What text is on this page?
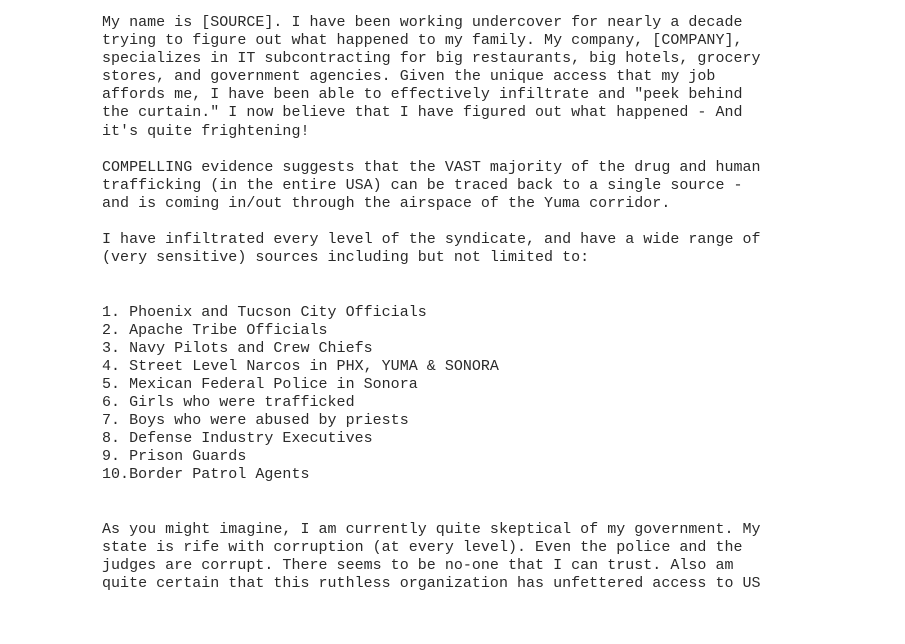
My name is [SOURCE]. I have been working undercover for nearly a decade

trying to figure out what happened to my family. My company, [COMPANY],

specializes in IT subcontracting for big restaurants, big hotels, grocery

stores, and government agencies. Given the unique access that my job

affords me, I have been able to effectively infiltrate and "peek behind

the curtain." I now believe that I have figured out what happened - And

it's quite frightening!

COMPELLING evidence suggests that the VAST majority of the drug and human

trafficking (in the entire USA) can be traced back to a single source -

and is coming in/out through the airspace of the Yuma corridor.

I have infiltrated every level of the syndicate, and have a wide range of

(very sensitive) sources including but not limited to:

1. Phoenix and Tucson City Officials
2. Apache Tribe Officials
3. Navy Pilots and Crew Chiefs
4. Street Level Narcos in PHX, YUMA & SONORA
5. Mexican Federal Police in Sonora
6. Girls who were trafficked
7. Boys who were abused by priests
8. Defense Industry Executives
9. Prison Guards
10.Border Patrol Agents

As you might imagine, I am currently quite skeptical of my government. My

state is rife with corruption (at every level). Even the police and the

judges are corrupt. There seems to be no-one that I can trust. Also am

quite certain that this ruthless organization has unfettered access to US
